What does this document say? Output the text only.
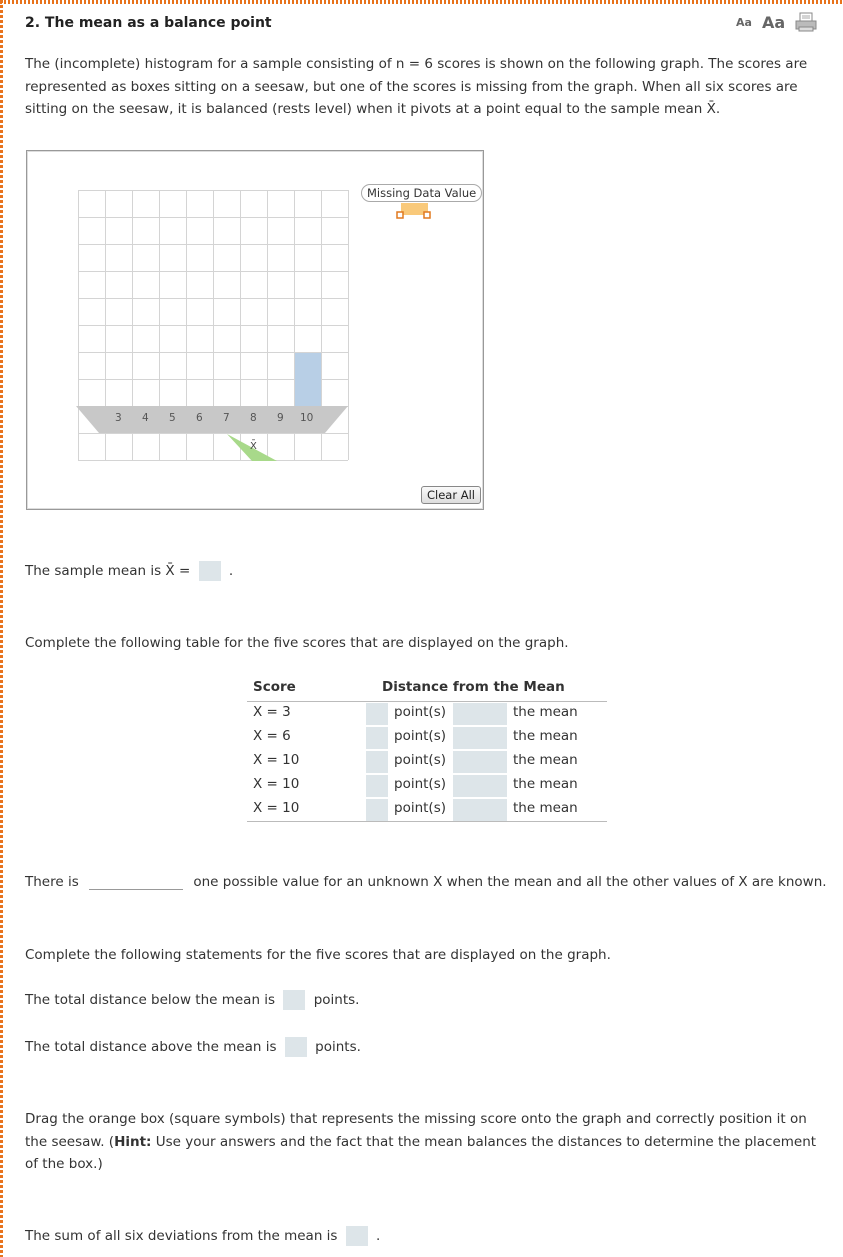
2. The mean as a balance point	Aa Aa
The (incomplete) histogram for a sample consisting of n = 6 scores is shown on the following graph. The scores are represented as boxes sitting on a seesaw, but one of the scores is missing from the graph. When all six scores are sitting on the seesaw, it is balanced (rests level) when it pivots at a point equal to the sample mean X̄.
3 4 5 6 7 8 9 10
X̄
Missing Data Value
Clear All
The sample mean is X̄ =	.
Complete the following table for the five scores that are displayed on the graph.
Score	Distance from the Mean
X = 3	point(s)	the mean
X = 6	point(s)	the mean
X = 10	point(s)	the mean
X = 10	point(s)	the mean
X = 10	point(s)	the mean
There is	one possible value for an unknown X when the mean and all the other values of X are known.
Complete the following statements for the five scores that are displayed on the graph.
The total distance below the mean is	points.
The total distance above the mean is	points.
Drag the orange box (square symbols) that represents the missing score onto the graph and correctly position it on the seesaw. (Hint: Use your answers and the fact that the mean balances the distances to determine the placement of the box.)
The sum of all six deviations from the mean is	.
